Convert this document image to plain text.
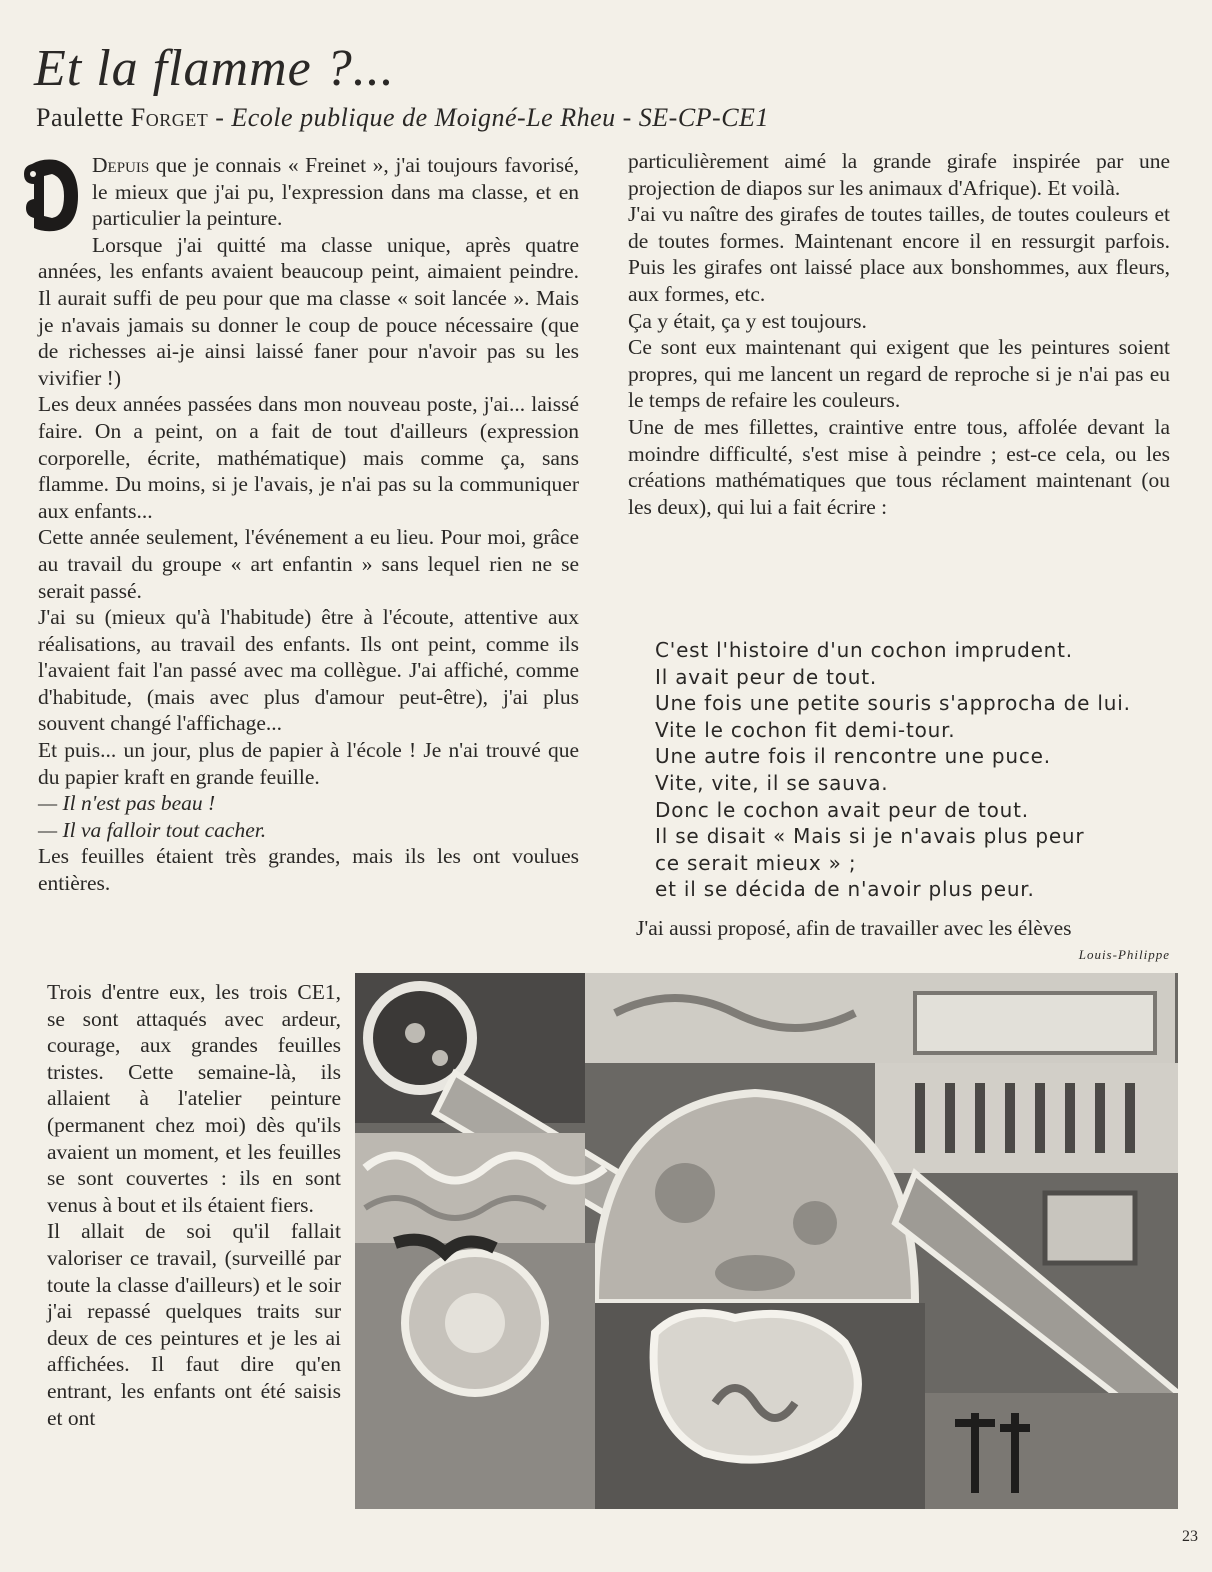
Et la flamme ?...
Paulette Forget - Ecole publique de Moigné-Le Rheu - SE-CP-CE1

Depuis que je connais « Freinet », j'ai toujours favorisé, le mieux que j'ai pu, l'expression dans ma classe, et en particulier la peinture.

Lorsque j'ai quitté ma classe unique, après quatre années, les enfants avaient beaucoup peint, aimaient peindre. Il aurait suffi de peu pour que ma classe « soit lancée ». Mais je n'avais jamais su donner le coup de pouce nécessaire (que de richesses ai-je ainsi laissé faner pour n'avoir pas su les vivifier !)

Les deux années passées dans mon nouveau poste, j'ai... laissé faire. On a peint, on a fait de tout d'ailleurs (expression corporelle, écrite, mathématique) mais comme ça, sans flamme. Du moins, si je l'avais, je n'ai pas su la communiquer aux enfants...

Cette année seulement, l'événement a eu lieu. Pour moi, grâce au travail du groupe « art enfantin » sans lequel rien ne se serait passé.

J'ai su (mieux qu'à l'habitude) être à l'écoute, attentive aux réalisations, au travail des enfants. Ils ont peint, comme ils l'avaient fait l'an passé avec ma collègue. J'ai affiché, comme d'habitude, (mais avec plus d'amour peut-être), j'ai plus souvent changé l'affichage...

Et puis... un jour, plus de papier à l'école ! Je n'ai trouvé que du papier kraft en grande feuille.

— Il n'est pas beau !

— Il va falloir tout cacher.

Les feuilles étaient très grandes, mais ils les ont voulues entières.

Trois d'entre eux, les trois CE1, se sont attaqués avec ardeur, courage, aux grandes feuilles tristes. Cette semaine-là, ils allaient à l'atelier peinture (permanent chez moi) dès qu'ils avaient un moment, et les feuilles se sont couvertes : ils en sont venus à bout et ils étaient fiers.

Il allait de soi qu'il fallait valoriser ce travail, (surveillé par toute la classe d'ailleurs) et le soir j'ai repassé quelques traits sur deux de ces peintures et je les ai affichées. Il faut dire qu'en entrant, les enfants ont été saisis et ont

particulièrement aimé la grande girafe inspirée par une projection de diapos sur les animaux d'Afrique). Et voilà.

J'ai vu naître des girafes de toutes tailles, de toutes couleurs et de toutes formes. Maintenant encore il en ressurgit parfois. Puis les girafes ont laissé place aux bonshommes, aux fleurs, aux formes, etc.

Ça y était, ça y est toujours.

Ce sont eux maintenant qui exigent que les peintures soient propres, qui me lancent un regard de reproche si je n'ai pas eu le temps de refaire les couleurs.

Une de mes fillettes, craintive entre tous, affolée devant la moindre difficulté, s'est mise à peindre ; est-ce cela, ou les créations mathématiques que tous réclament maintenant (ou les deux), qui lui a fait écrire :

C'est l'histoire d'un cochon imprudent.
Il avait peur de tout.
Une fois une petite souris s'approcha de lui.
Vite le cochon fit demi-tour.
Une autre fois il rencontre une puce.
Vite, vite, il se sauva.
Donc le cochon avait peur de tout.
Il se disait « Mais si je n'avais plus peur
ce serait mieux » ;
et il se décida de n'avoir plus peur.
J'ai aussi proposé, afin de travailler avec les élèves
Louis-Philippe
23
